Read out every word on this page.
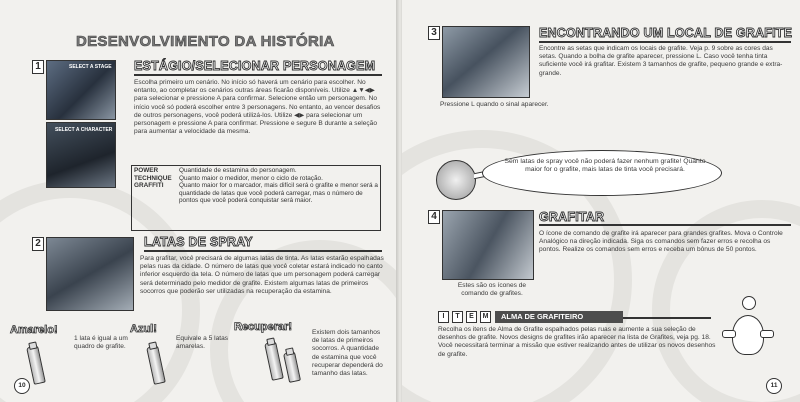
DESENVOLVIMENTO DA HISTÓRIA
1	SELECT A STAGE
SELECT A CHARACTER
ESTÁGIO/SELECIONAR PERSONAGEM
Escolha primeiro um cenário. No início só haverá um cenário para escolher. No entanto, ao completar os cenários outras áreas ficarão disponíveis. Utilize ▲▼◀▶ para selecionar e pressione A para confirmar. Selecione então um personagem. No início você só poderá escolher entre 3 personagens. No entanto, ao vencer desafios de outros personagens, você poderá utilizá-los. Utilize ◀▶ para selecionar um personagem e pressione A para confirmar. Pressione e segure B durante a seleção para aumentar a velocidade da mesma.
POWER	Quantidade de estamina do personagem.
TECHNIQUE	Quanto maior o medidor, menor o ciclo de rotação.
GRAFFITI	Quanto maior for o marcador, mais difícil será o grafite e menor será a quantidade de latas que você poderá carregar, mas o número de pontos que você poderá conquistar será maior.
2	LATAS DE SPRAY
Para grafitar, você precisará de algumas latas de tinta. As latas estarão espalhadas pelas ruas da cidade. O número de latas que você coletar estará indicado no canto inferior esquerdo da tela. O número de latas que um personagem poderá carregar será determinado pelo medidor de grafite. Existem algumas latas de primeiros socorros que poderão ser utilizadas na recuperação da estamina.
Amarelo!
1 lata é igual a um quadro de grafite.
Azul!
Equivale a 5 latas amarelas.
Recuperar!	Existem dois tamanhos de latas de primeiros socorros. A quantidade de estamina que você recuperar dependerá do tamanho das latas.
10
3	ENCONTRANDO UM LOCAL DE GRAFITE
Encontre as setas que indicam os locais de grafite. Veja p. 9 sobre as cores das setas. Quando a bolha de grafite aparecer, pressione L. Caso você tenha tinta suficiente você irá grafitar. Existem 3 tamanhos de grafite, pequeno grande e extra-grande.
Pressione L quando o sinal aparecer.
Sem latas de spray você não poderá fazer nenhum grafite! Quanto maior for o grafite, mais latas de tinta você precisará.
4	GRAFITAR
O ícone de comando de grafite irá aparecer para grandes grafites. Mova o Controle Analógico na direção indicada. Siga os comandos sem fazer erros e recolha os pontos. Realize os comandos sem erros e receba um bônus de 50 pontos.
Estes são os ícones de comando de grafites.
I	T	E	M	ALMA DE GRAFITEIRO
Recolha os itens de Alma de Grafite espalhados pelas ruas e aumente a sua seleção de desenhos de grafite. Novos designs de grafites irão aparecer na lista de Grafites, veja pg. 18. Você necessitará terminar a missão que estiver realizando antes de utilizar os novos desenhos de grafite.
11
